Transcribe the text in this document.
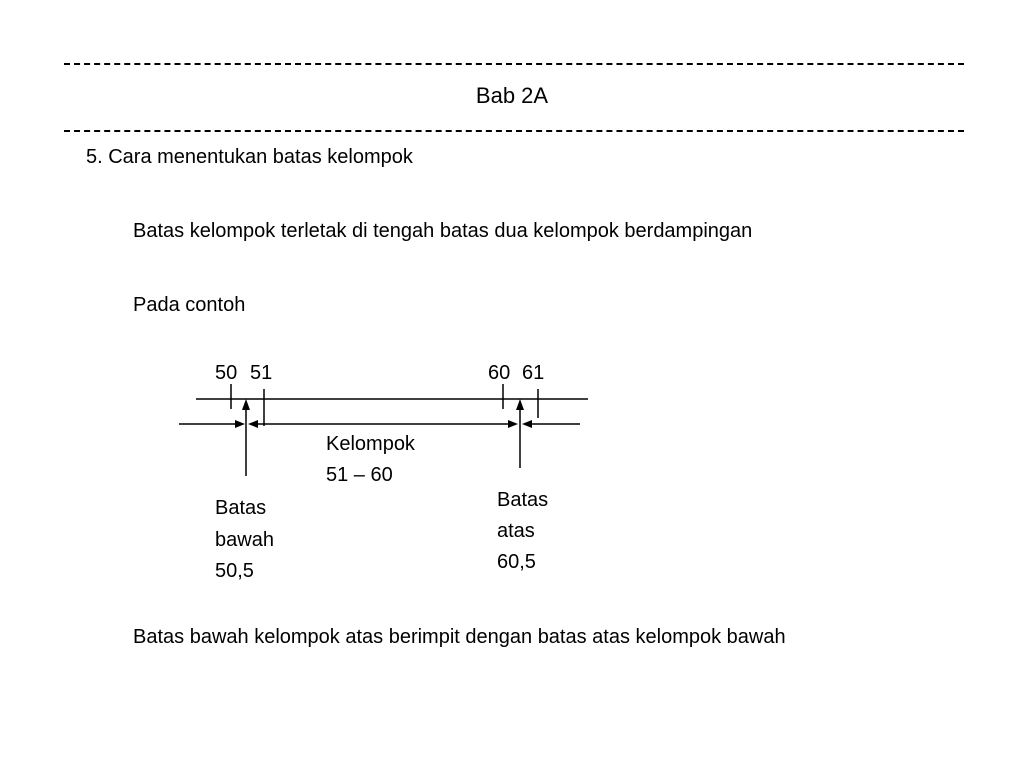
Bab 2A
5. Cara menentukan batas kelompok
Batas kelompok terletak di tengah batas dua kelompok berdampingan
Pada contoh
50 51	60 61
Kelompok
51 – 60
Batas
bawah
50,5
Batas
atas
60,5
Batas bawah kelompok atas berimpit dengan batas atas kelompok bawah
